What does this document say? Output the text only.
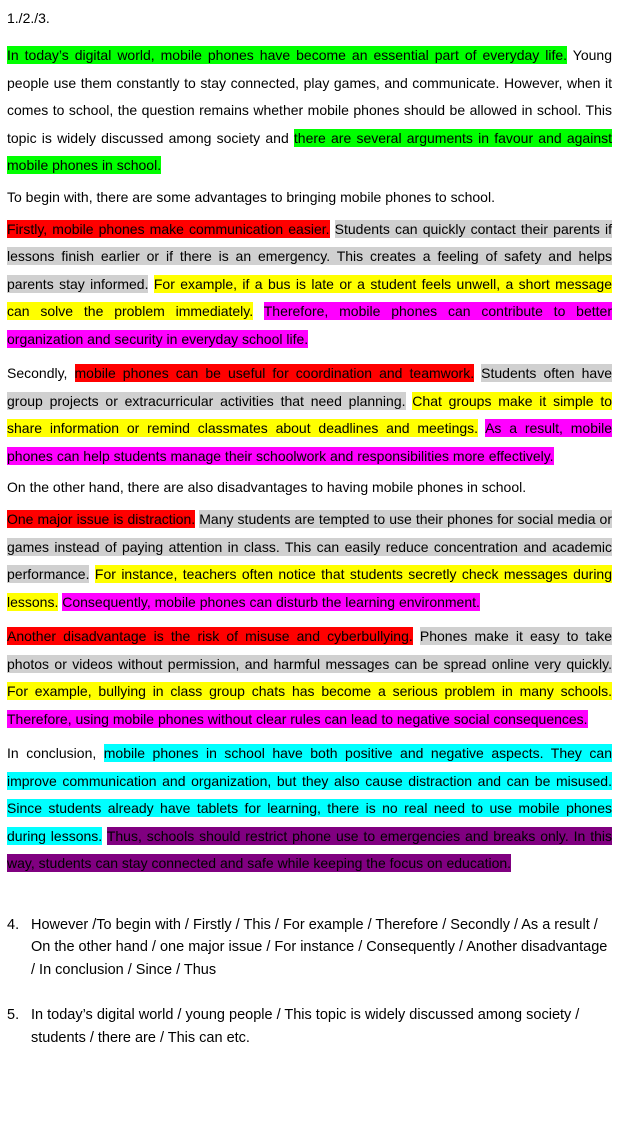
1./2./3.

In today’s digital world, mobile phones have become an essential part of everyday life. Young people use them constantly to stay connected, play games, and communicate. However, when it comes to school, the question remains whether mobile phones should be allowed in school. This topic is widely discussed among society and there are several arguments in favour and against mobile phones in school.

To begin with, there are some advantages to bringing mobile phones to school.

Firstly, mobile phones make communication easier. Students can quickly contact their parents if lessons finish earlier or if there is an emergency. This creates a feeling of safety and helps parents stay informed. For example, if a bus is late or a student feels unwell, a short message can solve the problem immediately. Therefore, mobile phones can contribute to better organization and security in everyday school life.

Secondly, mobile phones can be useful for coordination and teamwork. Students often have group projects or extracurricular activities that need planning. Chat groups make it simple to share information or remind classmates about deadlines and meetings. As a result, mobile phones can help students manage their schoolwork and responsibilities more effectively.

On the other hand, there are also disadvantages to having mobile phones in school.

One major issue is distraction. Many students are tempted to use their phones for social media or games instead of paying attention in class. This can easily reduce concentration and academic performance. For instance, teachers often notice that students secretly check messages during lessons. Consequently, mobile phones can disturb the learning environment.

Another disadvantage is the risk of misuse and cyberbullying. Phones make it easy to take photos or videos without permission, and harmful messages can be spread online very quickly. For example, bullying in class group chats has become a serious problem in many schools. Therefore, using mobile phones without clear rules can lead to negative social consequences.

In conclusion, mobile phones in school have both positive and negative aspects. They can improve communication and organization, but they also cause distraction and can be misused. Since students already have tablets for learning, there is no real need to use mobile phones during lessons. Thus, schools should restrict phone use to emergencies and breaks only. In this way, students can stay connected and safe while keeping the focus on education.

4. However /To begin with / Firstly / This / For example / Therefore / Secondly / As a result / On the other hand / one major issue / For instance / Consequently / Another disadvantage / In conclusion / Since / Thus
5. In today’s digital world / young people / This topic is widely discussed among society / students / there are / This can etc.
